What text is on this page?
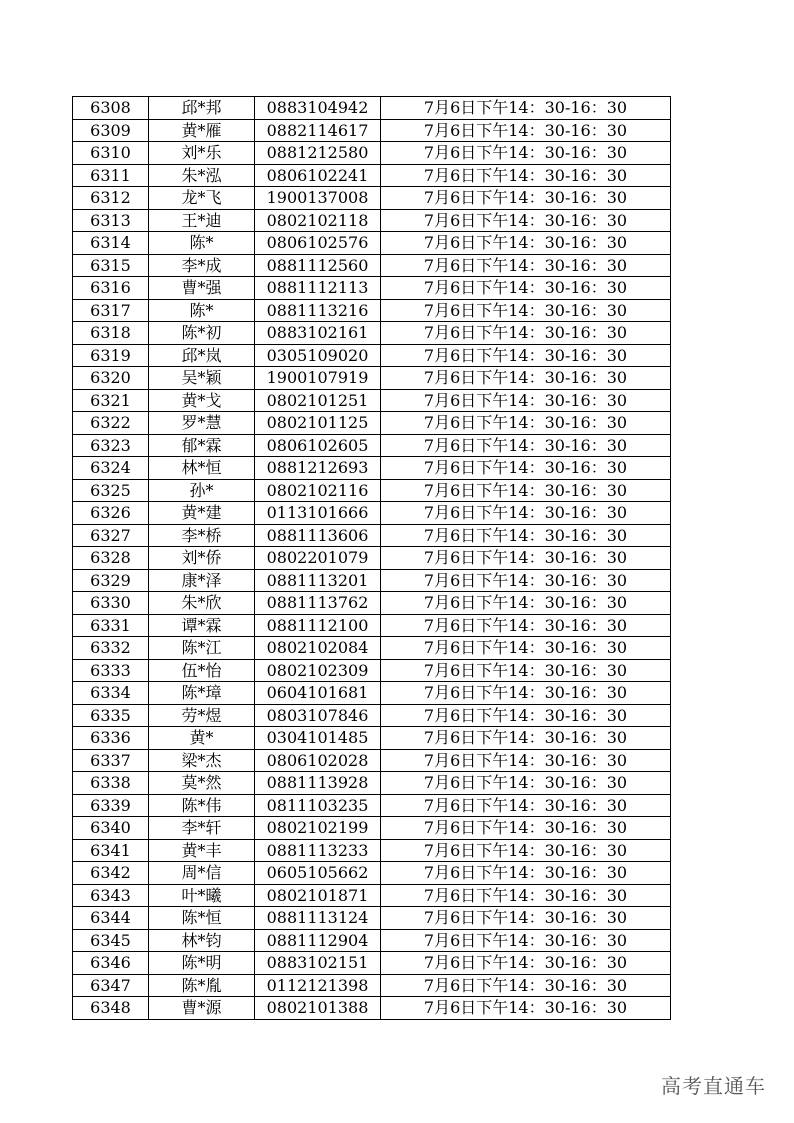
6308	邱*邦	0883104942	7月6日下午14：30-16：30
6309	黄*雁	0882114617	7月6日下午14：30-16：30
6310	刘*乐	0881212580	7月6日下午14：30-16：30
6311	朱*泓	0806102241	7月6日下午14：30-16：30
6312	龙*飞	1900137008	7月6日下午14：30-16：30
6313	王*迪	0802102118	7月6日下午14：30-16：30
6314	陈*	0806102576	7月6日下午14：30-16：30
6315	李*成	0881112560	7月6日下午14：30-16：30
6316	曹*强	0881112113	7月6日下午14：30-16：30
6317	陈*	0881113216	7月6日下午14：30-16：30
6318	陈*初	0883102161	7月6日下午14：30-16：30
6319	邱*岚	0305109020	7月6日下午14：30-16：30
6320	吴*颖	1900107919	7月6日下午14：30-16：30
6321	黄*戈	0802101251	7月6日下午14：30-16：30
6322	罗*慧	0802101125	7月6日下午14：30-16：30
6323	郁*霖	0806102605	7月6日下午14：30-16：30
6324	林*恒	0881212693	7月6日下午14：30-16：30
6325	孙*	0802102116	7月6日下午14：30-16：30
6326	黄*建	0113101666	7月6日下午14：30-16：30
6327	李*桥	0881113606	7月6日下午14：30-16：30
6328	刘*侨	0802201079	7月6日下午14：30-16：30
6329	康*泽	0881113201	7月6日下午14：30-16：30
6330	朱*欣	0881113762	7月6日下午14：30-16：30
6331	谭*霖	0881112100	7月6日下午14：30-16：30
6332	陈*江	0802102084	7月6日下午14：30-16：30
6333	伍*怡	0802102309	7月6日下午14：30-16：30
6334	陈*璋	0604101681	7月6日下午14：30-16：30
6335	劳*煜	0803107846	7月6日下午14：30-16：30
6336	黄*	0304101485	7月6日下午14：30-16：30
6337	梁*杰	0806102028	7月6日下午14：30-16：30
6338	莫*然	0881113928	7月6日下午14：30-16：30
6339	陈*伟	0811103235	7月6日下午14：30-16：30
6340	李*轩	0802102199	7月6日下午14：30-16：30
6341	黄*丰	0881113233	7月6日下午14：30-16：30
6342	周*信	0605105662	7月6日下午14：30-16：30
6343	叶*曦	0802101871	7月6日下午14：30-16：30
6344	陈*恒	0881113124	7月6日下午14：30-16：30
6345	林*钧	0881112904	7月6日下午14：30-16：30
6346	陈*明	0883102151	7月6日下午14：30-16：30
6347	陈*胤	0112121398	7月6日下午14：30-16：30
6348	曹*源	0802101388	7月6日下午14：30-16：30
高考直通车
